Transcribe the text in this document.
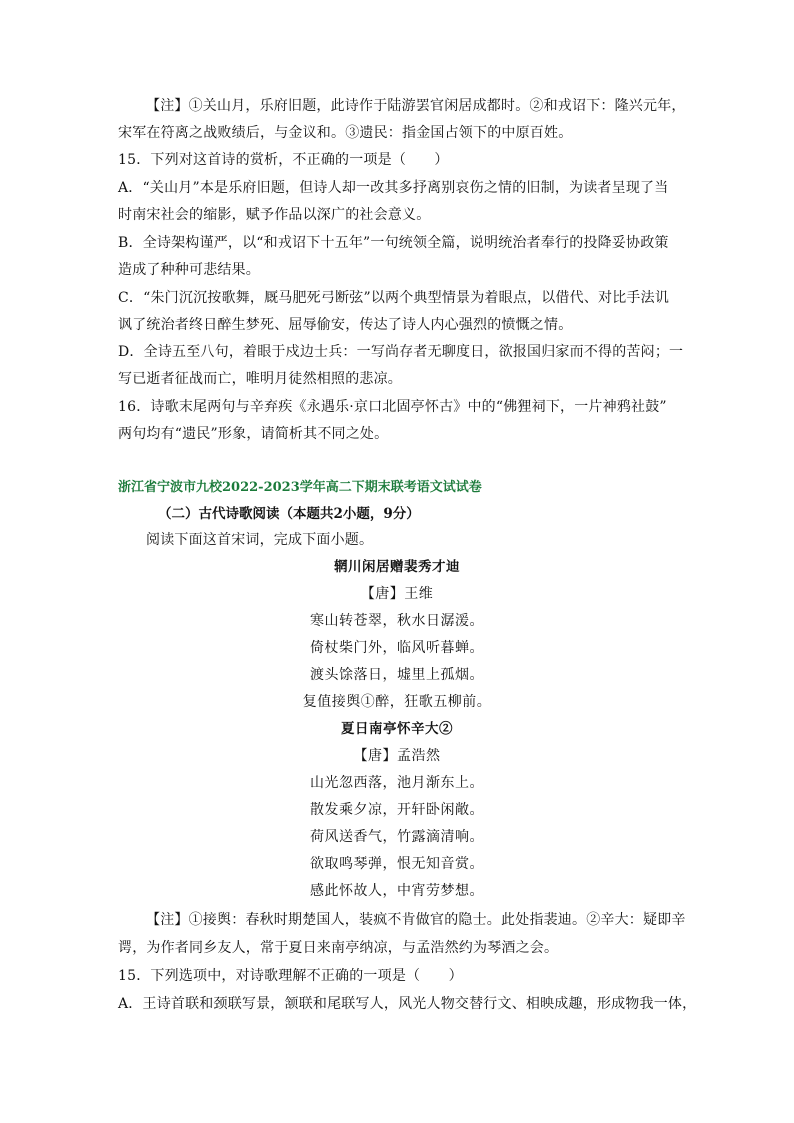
【注】①关山月，乐府旧题，此诗作于陆游罢官闲居成都时。②和戎诏下：隆兴元年，
宋军在符离之战败绩后，与金议和。③遗民：指金国占领下的中原百姓。
15．下列对这首诗的赏析，不正确的一项是（　　）
A．“关山月”本是乐府旧题，但诗人却一改其多抒离别哀伤之情的旧制，为读者呈现了当
时南宋社会的缩影，赋予作品以深广的社会意义。
B．全诗架构谨严，以“和戎诏下十五年”一句统领全篇，说明统治者奉行的投降妥协政策
造成了种种可悲结果。
C．“朱门沉沉按歌舞，厩马肥死弓断弦”以两个典型情景为着眼点，以借代、对比手法讥
讽了统治者终日醉生梦死、屈辱偷安，传达了诗人内心强烈的愤慨之情。
D．全诗五至八句，着眼于戍边士兵：一写尚存者无聊度日，欲报国归家而不得的苦闷；一
写已逝者征战而亡，唯明月徒然相照的悲凉。
16．诗歌末尾两句与辛弃疾《永遇乐·京口北固亭怀古》中的“佛狸祠下，一片神鸦社鼓”
两句均有“遗民”形象，请简析其不同之处。
浙江省宁波市九校2022-2023学年高二下期末联考语文试试卷
（二）古代诗歌阅读（本题共2小题，9分）
阅读下面这首宋词，完成下面小题。
辋川闲居赠裴秀才迪
【唐】王维
寒山转苍翠，秋水日潺湲。
倚杖柴门外，临风听暮蝉。
渡头馀落日，墟里上孤烟。
复值接舆①醉，狂歌五柳前。
夏日南亭怀辛大②
【唐】孟浩然
山光忽西落，池月渐东上。
散发乘夕凉，开轩卧闲敞。
荷风送香气，竹露滴清响。
欲取鸣琴弹，恨无知音赏。
感此怀故人，中宵劳梦想。
【注】①接舆：春秋时期楚国人，装疯不肯做官的隐士。此处指裴迪。②辛大：疑即辛
谔，为作者同乡友人，常于夏日来南亭纳凉，与孟浩然约为琴酒之会。
15．下列选项中，对诗歌理解不正确的一项是（　　）
A．王诗首联和颈联写景，颔联和尾联写人，风光人物交替行文、相映成趣，形成物我一体，
